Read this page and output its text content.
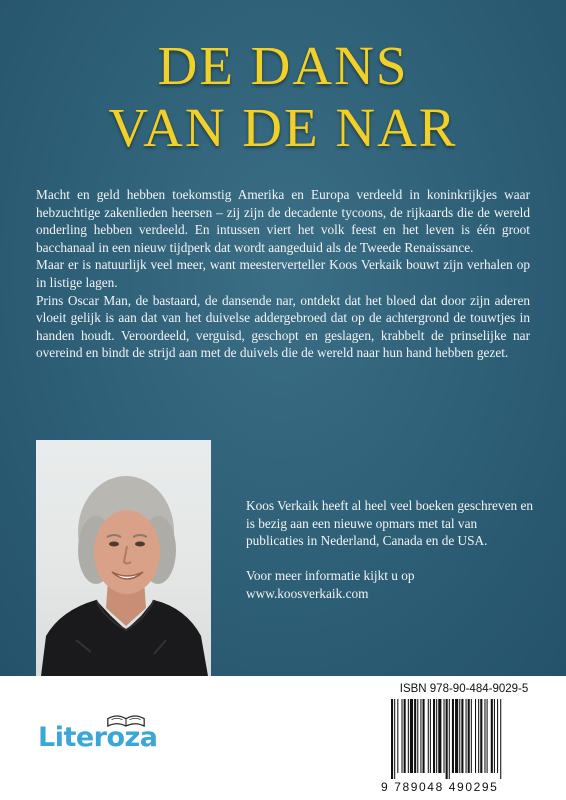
DE DANS
VAN DE NAR

Macht en geld hebben toekomstig Amerika en Europa verdeeld in koninkrijkjes waar hebzuchtige zakenlieden heersen – zij zijn de decadente tycoons, de rijkaards die de wereld onderling hebben verdeeld. En intussen viert het volk feest en het leven is één groot bacchanaal in een nieuw tijdperk dat wordt aangeduid als de Tweede Renaissance.

Maar er is natuurlijk veel meer, want meesterverteller Koos Verkaik bouwt zijn verhalen op in listige lagen.

Prins Oscar Man, de bastaard, de dansende nar, ontdekt dat het bloed dat door zijn aderen vloeit gelijk is aan dat van het duivelse addergebroed dat op de achtergrond de touwtjes in handen houdt. Veroordeeld, verguisd, geschopt en geslagen, krabbelt de prinselijke nar overeind en bindt de strijd aan met de duivels die de wereld naar hun hand hebben gezet.

Koos Verkaik heeft al heel veel boeken geschreven en is bezig aan een nieuwe opmars met tal van publicaties in Nederland, Canada en de USA.

Voor meer informatie kijkt u op

www.koosverkaik.com

Literoza
ISBN 978-90-484-9029-5
9 789048 490295
